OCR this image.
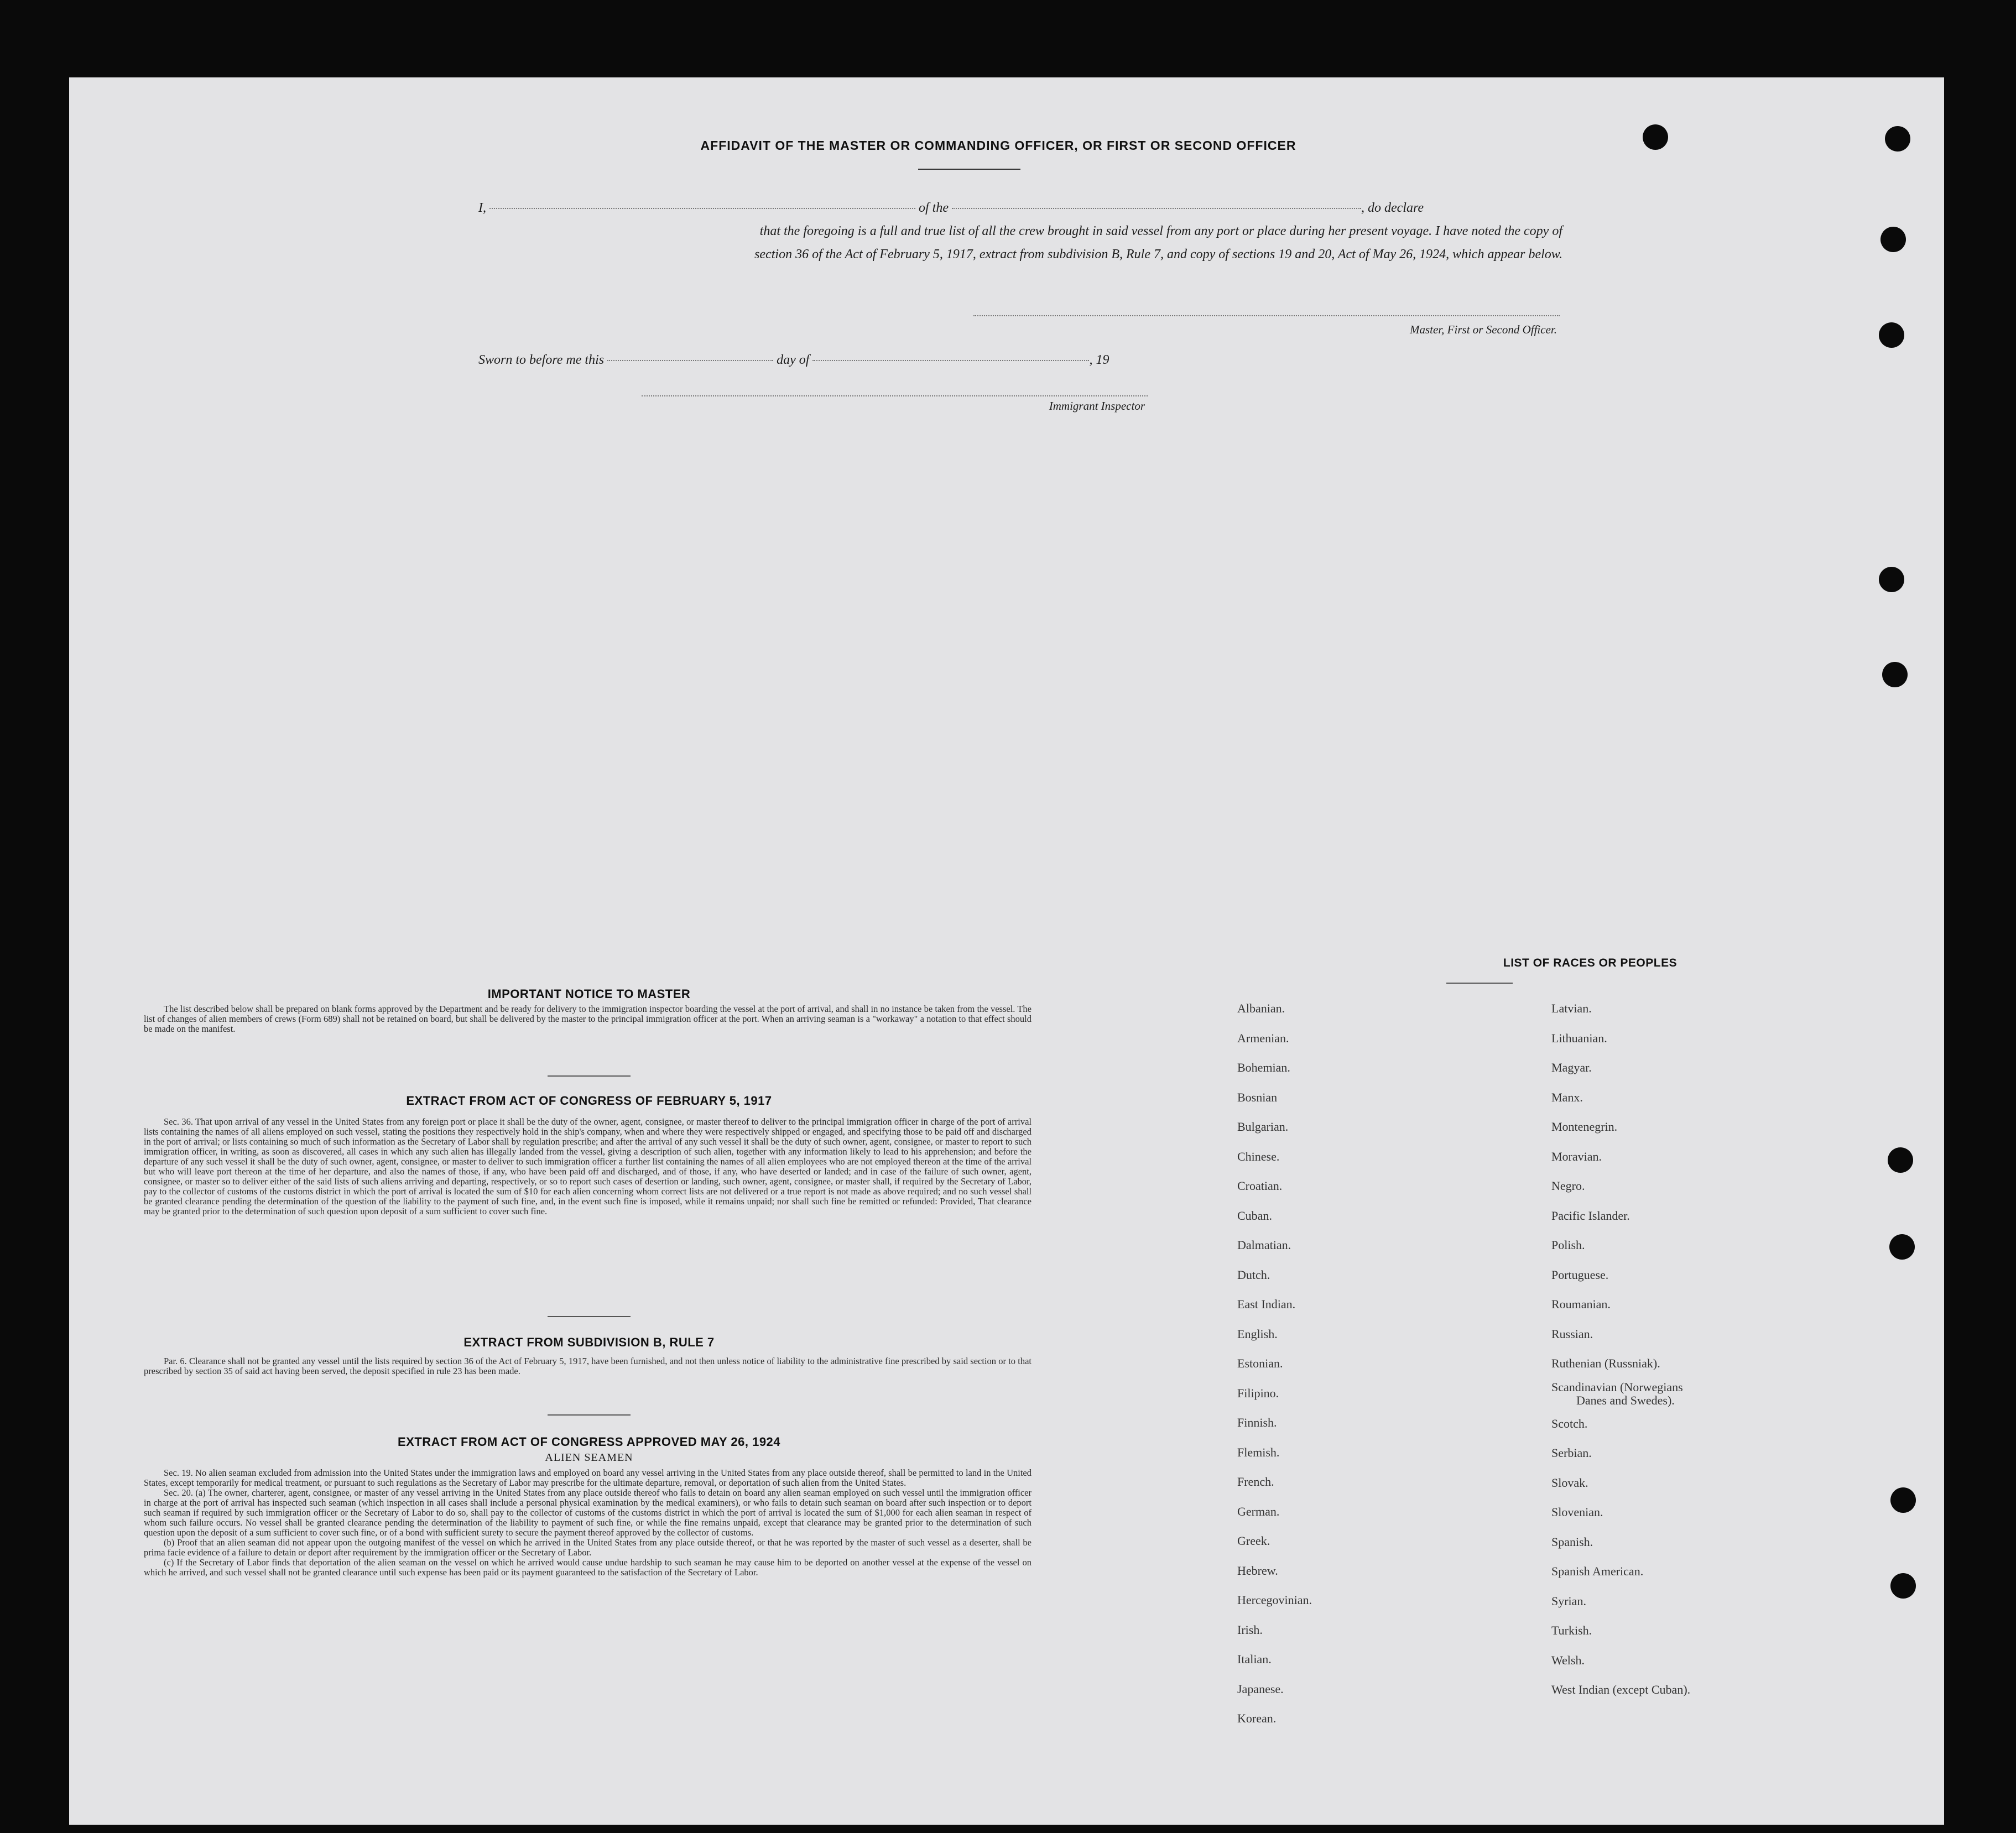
AFFIDAVIT OF THE MASTER OR COMMANDING OFFICER, OR FIRST OR SECOND OFFICER
I,	of the	, do declare
that the foregoing is a full and true list of all the crew brought in said vessel from any port or place during her present voyage. I have noted the copy of
section 36 of the Act of February 5, 1917, extract from subdivision B, Rule 7, and copy of sections 19 and 20, Act of May 26, 1924, which appear below.
Master, First or Second Officer.
Sworn to before me this	day of	, 19
Immigrant Inspector
IMPORTANT NOTICE TO MASTER

The list described below shall be prepared on blank forms approved by the Department and be ready for delivery to the immigration inspector boarding the vessel at the port of arrival, and shall in no instance be taken from the vessel. The list of changes of alien members of crews (Form 689) shall not be retained on board, but shall be delivered by the master to the principal immigration officer at the port. When an arriving seaman is a "workaway" a notation to that effect should be made on the manifest.

EXTRACT FROM ACT OF CONGRESS OF FEBRUARY 5, 1917

Sec. 36. That upon arrival of any vessel in the United States from any foreign port or place it shall be the duty of the owner, agent, consignee, or master thereof to deliver to the principal immigration officer in charge of the port of arrival lists containing the names of all aliens employed on such vessel, stating the positions they respectively hold in the ship's company, when and where they were respectively shipped or engaged, and specifying those to be paid off and discharged in the port of arrival; or lists containing so much of such information as the Secretary of Labor shall by regulation prescribe; and after the arrival of any such vessel it shall be the duty of such owner, agent, consignee, or master to report to such immigration officer, in writing, as soon as discovered, all cases in which any such alien has illegally landed from the vessel, giving a description of such alien, together with any information likely to lead to his apprehension; and before the departure of any such vessel it shall be the duty of such owner, agent, consignee, or master to deliver to such immigration officer a further list containing the names of all alien employees who are not employed thereon at the time of the arrival but who will leave port thereon at the time of her departure, and also the names of those, if any, who have been paid off and discharged, and of those, if any, who have deserted or landed; and in case of the failure of such owner, agent, consignee, or master so to deliver either of the said lists of such aliens arriving and departing, respectively, or so to report such cases of desertion or landing, such owner, agent, consignee, or master shall, if required by the Secretary of Labor, pay to the collector of customs of the customs district in which the port of arrival is located the sum of $10 for each alien concerning whom correct lists are not delivered or a true report is not made as above required; and no such vessel shall be granted clearance pending the determination of the question of the liability to the payment of such fine, and, in the event such fine is imposed, while it remains unpaid; nor shall such fine be remitted or refunded: Provided, That clearance may be granted prior to the determination of such question upon deposit of a sum sufficient to cover such fine.

EXTRACT FROM SUBDIVISION B, RULE 7

Par. 6. Clearance shall not be granted any vessel until the lists required by section 36 of the Act of February 5, 1917, have been furnished, and not then unless notice of liability to the administrative fine prescribed by said section or to that prescribed by section 35 of said act having been served, the deposit specified in rule 23 has been made.

EXTRACT FROM ACT OF CONGRESS APPROVED MAY 26, 1924
ALIEN SEAMEN

Sec. 19. No alien seaman excluded from admission into the United States under the immigration laws and employed on board any vessel arriving in the United States from any place outside thereof, shall be permitted to land in the United States, except temporarily for medical treatment, or pursuant to such regulations as the Secretary of Labor may prescribe for the ultimate departure, removal, or deportation of such alien from the United States.

Sec. 20. (a) The owner, charterer, agent, consignee, or master of any vessel arriving in the United States from any place outside thereof who fails to detain on board any alien seaman employed on such vessel until the immigration officer in charge at the port of arrival has inspected such seaman (which inspection in all cases shall include a personal physical examination by the medical examiners), or who fails to detain such seaman on board after such inspection or to deport such seaman if required by such immigration officer or the Secretary of Labor to do so, shall pay to the collector of customs of the customs district in which the port of arrival is located the sum of $1,000 for each alien seaman in respect of whom such failure occurs. No vessel shall be granted clearance pending the determination of the liability to payment of such fine, or while the fine remains unpaid, except that clearance may be granted prior to the determination of such question upon the deposit of a sum sufficient to cover such fine, or of a bond with sufficient surety to secure the payment thereof approved by the collector of customs.

(b) Proof that an alien seaman did not appear upon the outgoing manifest of the vessel on which he arrived in the United States from any place outside thereof, or that he was reported by the master of such vessel as a deserter, shall be prima facie evidence of a failure to detain or deport after requirement by the immigration officer or the Secretary of Labor.

(c) If the Secretary of Labor finds that deportation of the alien seaman on the vessel on which he arrived would cause undue hardship to such seaman he may cause him to be deported on another vessel at the expense of the vessel on which he arrived, and such vessel shall not be granted clearance until such expense has been paid or its payment guaranteed to the satisfaction of the Secretary of Labor.

LIST OF RACES OR PEOPLES
Albanian.
Armenian.
Bohemian.
Bosnian
Bulgarian.
Chinese.
Croatian.
Cuban.
Dalmatian.
Dutch.
East Indian.
English.
Estonian.
Filipino.
Finnish.
Flemish.
French.
German.
Greek.
Hebrew.
Hercegovinian.
Irish.
Italian.
Japanese.
Korean.
Latvian.
Lithuanian.
Magyar.
Manx.
Montenegrin.
Moravian.
Negro.
Pacific Islander.
Polish.
Portuguese.
Roumanian.
Russian.
Ruthenian (Russniak).
Scandinavian (Norwegians
Danes and Swedes).
Scotch.
Serbian.
Slovak.
Slovenian.
Spanish.
Spanish American.
Syrian.
Turkish.
Welsh.
West Indian (except Cuban).
